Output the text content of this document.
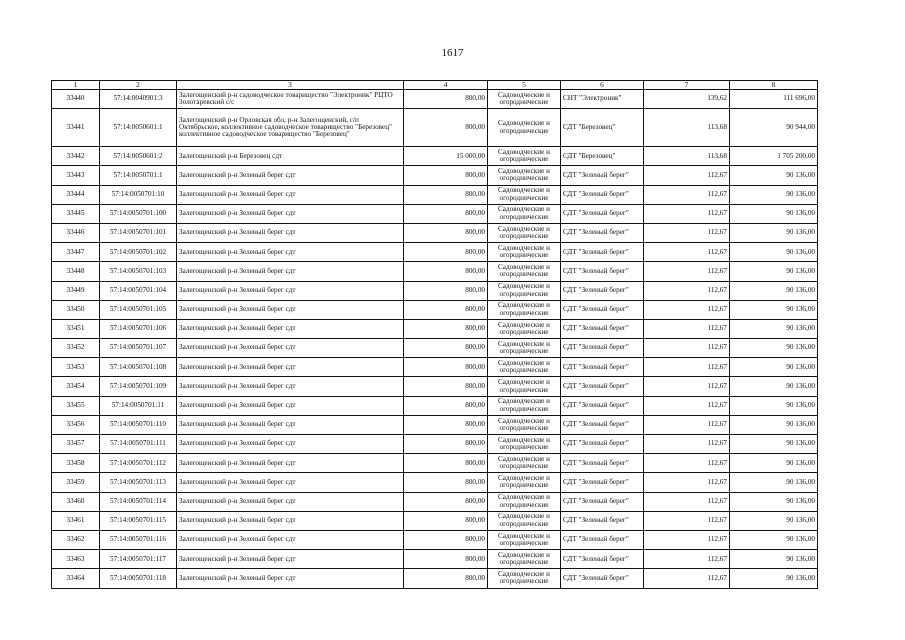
1617
1	2	3	4	5	6	7	8
33440	57:14:0040901:3	Залегощенский р-н садоводческое товарищество "Электроник" РЦТО Золотаревский с/с	800,00	Садоводческие и огороднические	СНТ "Электроник"	139,62	111 696,00
33441	57:14:0050601:1	Залегощенский р-н Орловская обл, р-н Залегощенский, с/п Октябрьское, коллективное садоводческое товарищество "Березовец" коллективное садоводческое товарищество "Березовец"	800,00	Садоводческие и огороднические	СДТ "Березовец"	113,68	90 944,00
33442	57:14:0050601:2	Залегощенский р-н Березовец сдт	15 000,00	Садоводческие и огороднические	СДТ "Березовец"	113,68	1 705 200,00
33443	57:14:0050701:1	Залегощенский р-н Зеленый берег сдт	800,00	Садоводческие и огороднические	СДТ "Зеленый берег"	112,67	90 136,00
33444	57:14:0050701:10	Залегощенский р-н Зеленый берег сдт	800,00	Садоводческие и огороднические	СДТ "Зеленый берег"	112,67	90 136,00
33445	57:14:0050701:100	Залегощенский р-н Зеленый берег сдт	800,00	Садоводческие и огороднические	СДТ "Зеленый берег"	112,67	90 136,00
33446	57:14:0050701:101	Залегощенский р-н Зеленый берег сдт	800,00	Садоводческие и огороднические	СДТ "Зеленый берег"	112,67	90 136,00
33447	57:14:0050701:102	Залегощенский р-н Зеленый берег сдт	800,00	Садоводческие и огороднические	СДТ "Зеленый берег"	112,67	90 136,00
33448	57:14:0050701:103	Залегощенский р-н Зеленый берег сдт	800,00	Садоводческие и огороднические	СДТ "Зеленый берег"	112,67	90 136,00
33449	57:14:0050701:104	Залегощенский р-н Зеленый берег сдт	800,00	Садоводческие и огороднические	СДТ "Зеленый берег"	112,67	90 136,00
33450	57:14:0050701:105	Залегощенский р-н Зеленый берег сдт	800,00	Садоводческие и огороднические	СДТ "Зеленый берег"	112,67	90 136,00
33451	57:14:0050701:106	Залегощенский р-н Зеленый берег сдт	800,00	Садоводческие и огороднические	СДТ "Зеленый берег"	112,67	90 136,00
33452	57:14:0050701:107	Залегощенский р-н Зеленый берег сдт	800,00	Садоводческие и огороднические	СДТ "Зеленый берег"	112,67	90 136,00
33453	57:14:0050701:108	Залегощенский р-н Зеленый берег сдт	800,00	Садоводческие и огороднические	СДТ "Зеленый берег"	112,67	90 136,00
33454	57:14:0050701:109	Залегощенский р-н Зеленый берег сдт	800,00	Садоводческие и огороднические	СДТ "Зеленый берег"	112,67	90 136,00
33455	57:14:0050701:11	Залегощенский р-н Зеленый берег сдт	800,00	Садоводческие и огороднические	СДТ "Зеленый берег"	112,67	90 136,00
33456	57:14:0050701:110	Залегощенский р-н Зеленый берег сдт	800,00	Садоводческие и огороднические	СДТ "Зеленый берег"	112,67	90 136,00
33457	57:14:0050701:111	Залегощенский р-н Зеленый берег сдт	800,00	Садоводческие и огороднические	СДТ "Зеленый берег"	112,67	90 136,00
33458	57:14:0050701:112	Залегощенский р-н Зеленый берег сдт	800,00	Садоводческие и огороднические	СДТ "Зеленый берег"	112,67	90 136,00
33459	57:14:0050701:113	Залегощенский р-н Зеленый берег сдт	800,00	Садоводческие и огороднические	СДТ "Зеленый берег"	112,67	90 136,00
33460	57:14:0050701:114	Залегощенский р-н Зеленый берег сдт	800,00	Садоводческие и огороднические	СДТ "Зеленый берег"	112,67	90 136,00
33461	57:14:0050701:115	Залегощенский р-н Зеленый берег сдт	800,00	Садоводческие и огороднические	СДТ "Зеленый берег"	112,67	90 136,00
33462	57:14:0050701:116	Залегощенский р-н Зеленый берег сдт	800,00	Садоводческие и огороднические	СДТ "Зеленый берег"	112,67	90 136,00
33463	57:14:0050701:117	Залегощенский р-н Зеленый берег сдт	800,00	Садоводческие и огороднические	СДТ "Зеленый берег"	112,67	90 136,00
33464	57:14:0050701:118	Залегощенский р-н Зеленый берег сдт	800,00	Садоводческие и огороднические	СДТ "Зеленый берег"	112,67	90 136,00
